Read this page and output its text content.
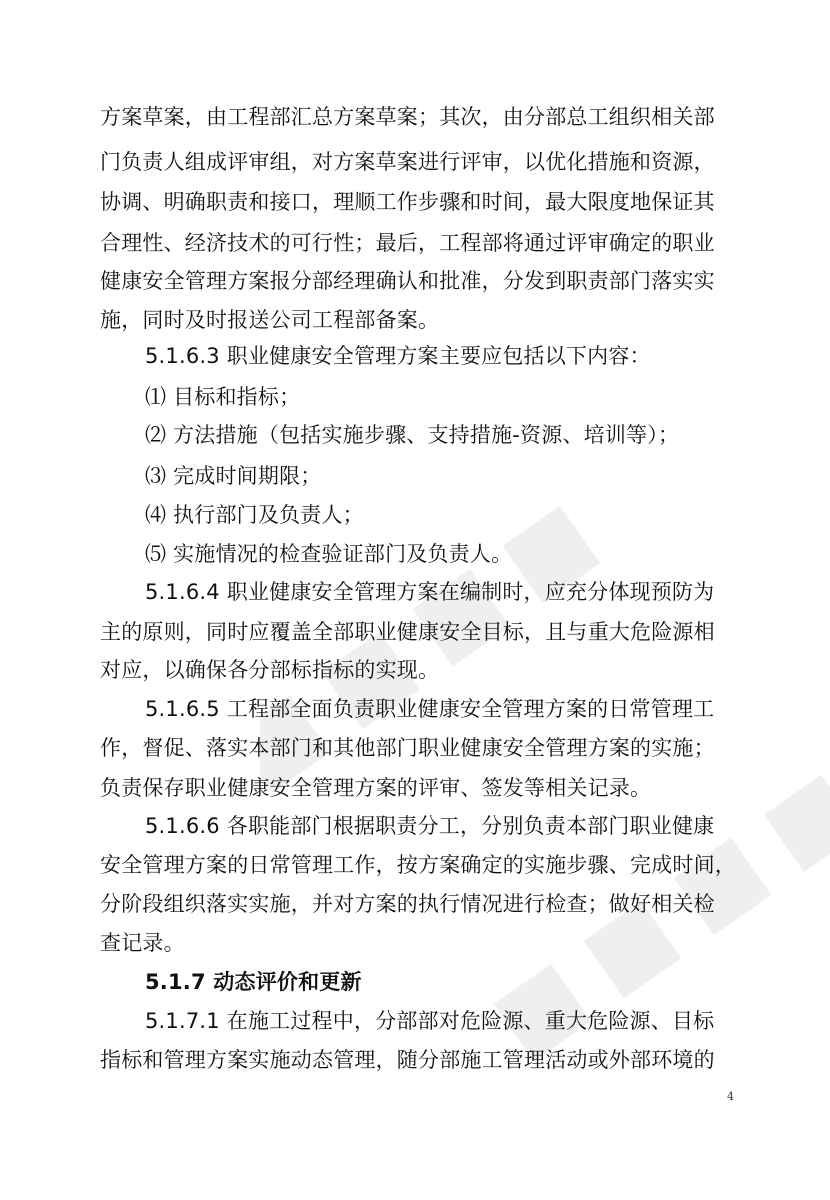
方案草案，由工程部汇总方案草案；其次，由分部总工组织相关部
门负责人组成评审组，对方案草案进行评审，以优化措施和资源，
协调、明确职责和接口，理顺工作步骤和时间，最大限度地保证其
合理性、经济技术的可行性；最后，工程部将通过评审确定的职业
健康安全管理方案报分部经理确认和批准，分发到职责部门落实实
施，同时及时报送公司工程部备案。
5.1.6.3 职业健康安全管理方案主要应包括以下内容：
⑴ 目标和指标；
⑵ 方法措施（包括实施步骤、支持措施-资源、培训等）；
⑶ 完成时间期限；
⑷ 执行部门及负责人；
⑸ 实施情况的检查验证部门及负责人。
5.1.6.4 职业健康安全管理方案在编制时，应充分体现预防为
主的原则，同时应覆盖全部职业健康安全目标，且与重大危险源相
对应，以确保各分部标指标的实现。
5.1.6.5 工程部全面负责职业健康安全管理方案的日常管理工
作，督促、落实本部门和其他部门职业健康安全管理方案的实施；
负责保存职业健康安全管理方案的评审、签发等相关记录。
5.1.6.6 各职能部门根据职责分工，分别负责本部门职业健康
安全管理方案的日常管理工作，按方案确定的实施步骤、完成时间，
分阶段组织落实实施，并对方案的执行情况进行检查；做好相关检
查记录。
5.1.7 动态评价和更新
5.1.7.1 在施工过程中，分部部对危险源、重大危险源、目标
指标和管理方案实施动态管理，随分部施工管理活动或外部环境的
4
